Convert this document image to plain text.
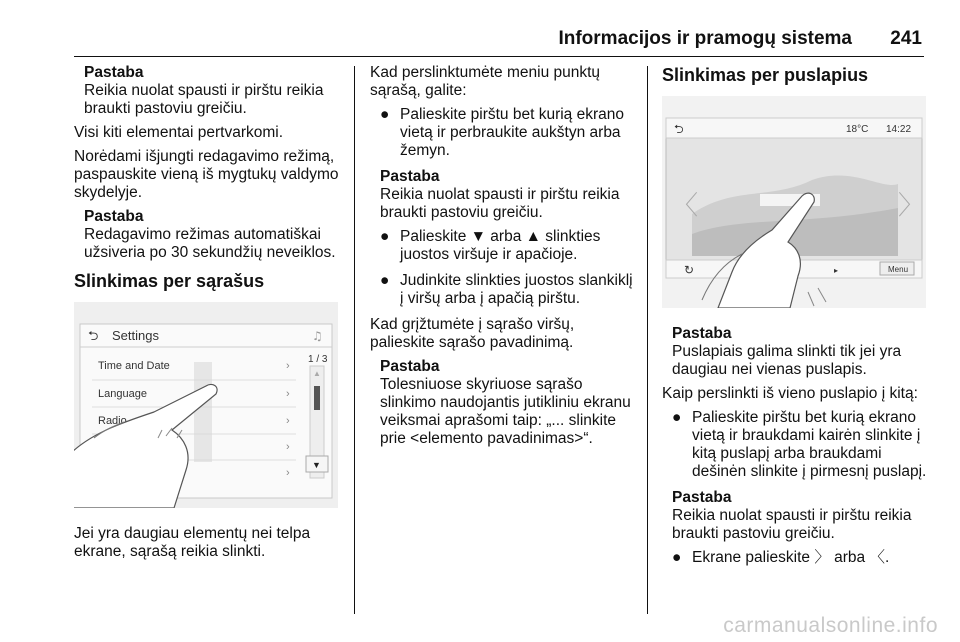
Informacijos ir pramogų sistema 241
Pastaba
Reikia nuolat spausti ir pirštu reikia braukti pastoviu greičiu.

Visi kiti elementai pertvarkomi.

Norėdami išjungti redagavimo režimą, paspauskite vieną iš mygtukų valdymo skydelyje.

Pastaba
Redagavimo režimas automatiškai užsiveria po 30 sekundžių neveiklos.
Slinkimas per sąrašus
⮌ Settings	♫
Time and Date
Language
Radio
›
›
›
›
›
1 / 3
▲
▼

Jei yra daugiau elementų nei telpa ekrane, sąrašą reikia slinkti.

Kad perslinktumėte meniu punktų sąrašą, galite:

● Palieskite pirštu bet kurią ekrano vietą ir perbraukite aukštyn arba žemyn.
Pastaba
Reikia nuolat spausti ir pirštu reikia braukti pastoviu greičiu.
● Palieskite ▼ arba ▲ slinkties juostos viršuje ir apačioje.
● Judinkite slinkties juostos slankiklį į viršų arba į apačią pirštu.

Kad grįžtumėte į sąrašo viršų, palieskite sąrašo pavadinimą.

Pastaba
Tolesniuose skyriuose sąrašo slinkimo naudojantis jutikliniu ekranu veiksmai aprašomi taip: „... slinkite prie <elemento pavadinimas>“.
Slinkimas per puslapius
⮌	18°C 14:22
〈	〉
↻	▸	Menu
Pastaba
Puslapiais galima slinkti tik jei yra daugiau nei vienas puslapis.

Kaip perslinkti iš vieno puslapio į kitą:

● Palieskite pirštu bet kurią ekrano vietą ir braukdami kairėn slinkite į kitą puslapį arba braukdami dešinėn slinkite į pirmesnį puslapį.
Pastaba
Reikia nuolat spausti ir pirštu reikia braukti pastoviu greičiu.
● Ekrane palieskite 〉 arba 〈.
carmanualsonline.info
